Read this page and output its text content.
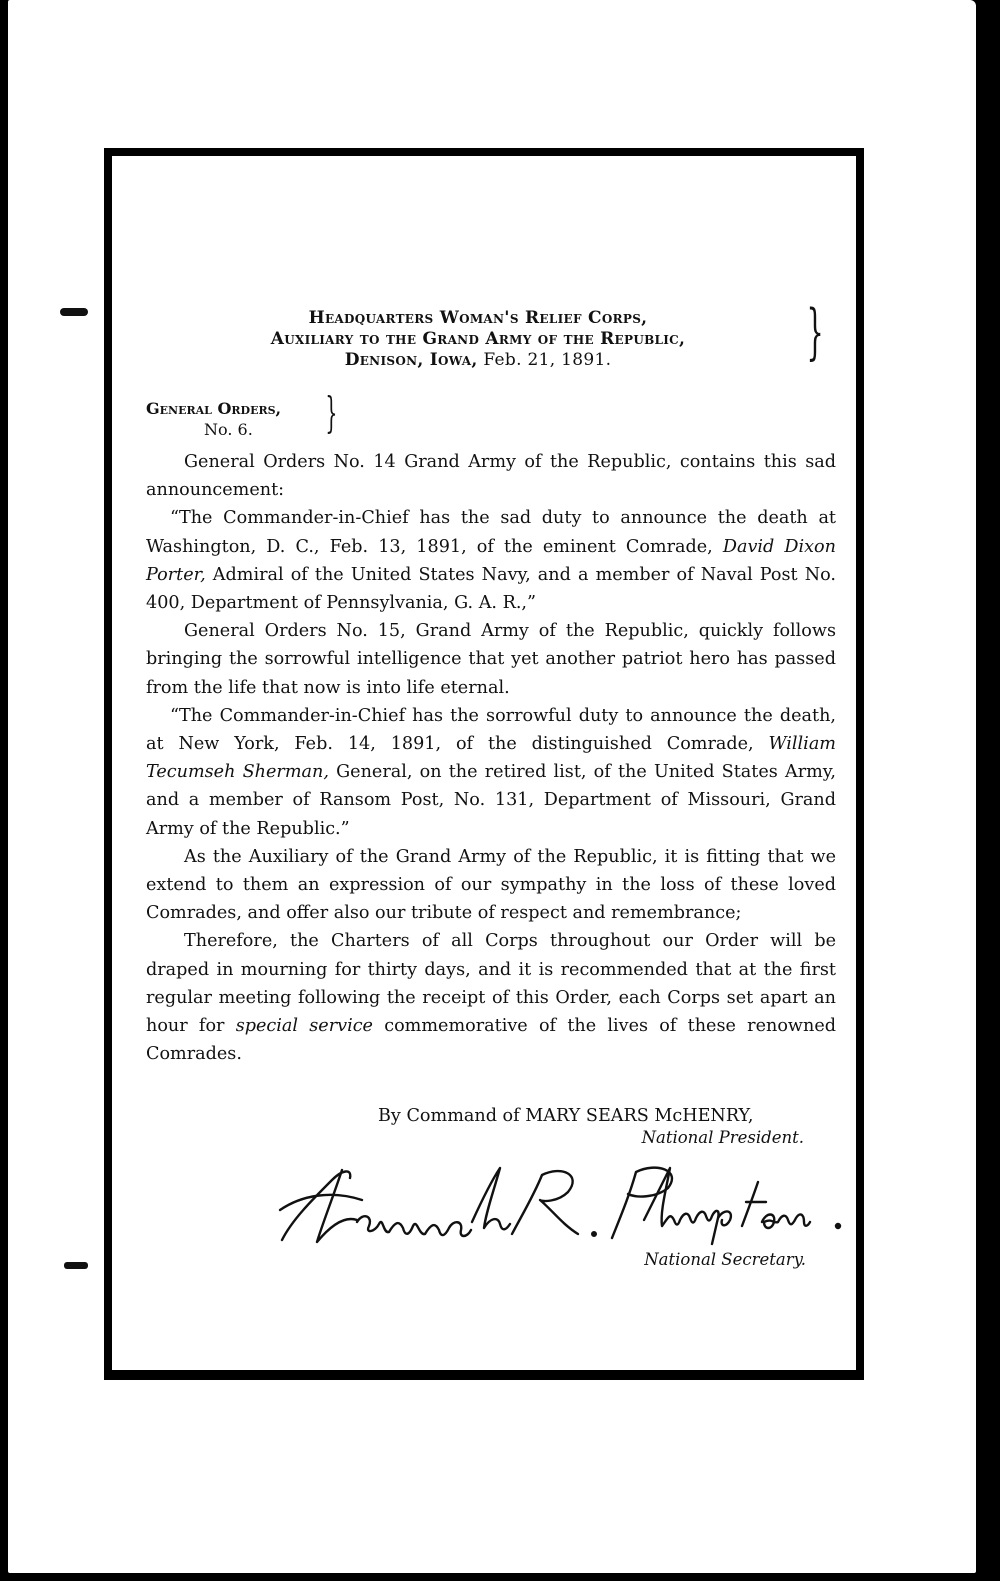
Headquarters Woman's Relief Corps,
Auxiliary to the Grand Army of the Republic,
Denison, Iowa, Feb. 21, 1891.	}
General Orders,
No. 6.	}

General Orders No. 14 Grand Army of the Republic, contains this sad announcement:

“The Commander-in-Chief has the sad duty to announce the death at Washington, D. C., Feb. 13, 1891, of the eminent Comrade, David Dixon Porter, Admiral of the United States Navy, and a member of Naval Post No. 400, Department of Pennsylvania, G. A. R.,”

General Orders No. 15, Grand Army of the Republic, quickly follows bringing the sorrowful intelligence that yet another patriot hero has passed from the life that now is into life eternal.

“The Commander-in-Chief has the sorrowful duty to announce the death, at New York, Feb. 14, 1891, of the distinguished Comrade, William Tecumseh Sherman, General, on the retired list, of the United States Army, and a member of Ransom Post, No. 131, Department of Missouri, Grand Army of the Republic.”

As the Auxiliary of the Grand Army of the Republic, it is fitting that we extend to them an expression of our sympathy in the loss of these loved Comrades, and offer also our tribute of respect and remembrance;

Therefore, the Charters of all Corps throughout our Order will be draped in mourning for thirty days, and it is recommended that at the first regular meeting following the receipt of this Order, each Corps set apart an hour for special service commemorative of the lives of these renowned Comrades.

By Command of MARY SEARS McHENRY,
National President.
National Secretary.
